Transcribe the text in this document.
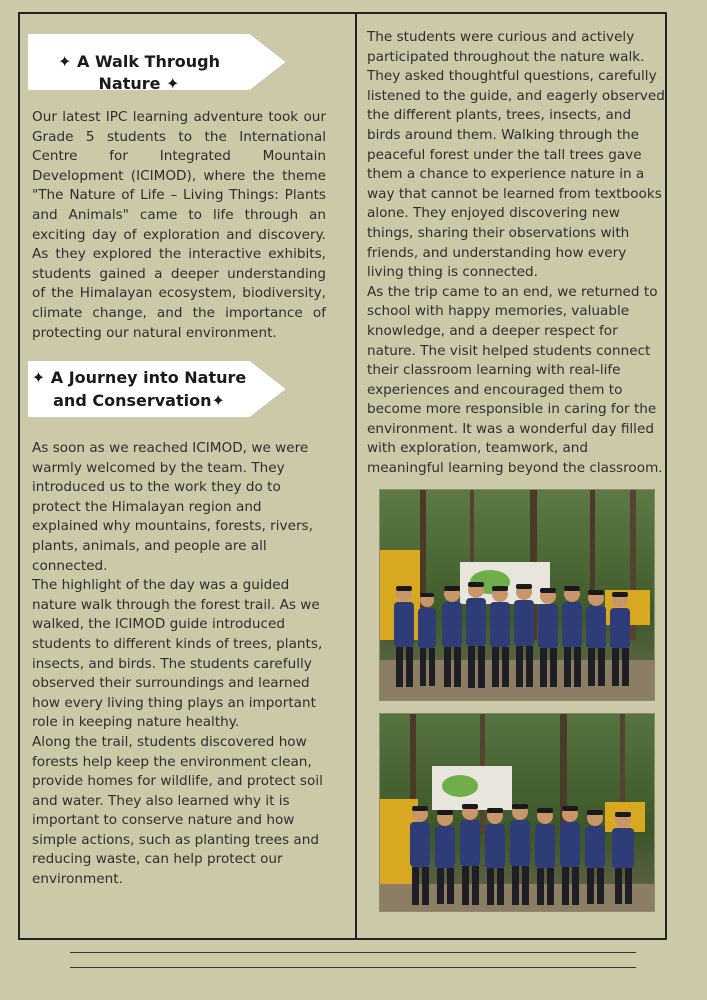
✦ A Walk Through Nature ✦
Our latest IPC learning adventure took our Grade 5 students to the International Centre for Integrated Mountain Development (ICIMOD), where the theme "The Nature of Life – Living Things: Plants and Animals" came to life through an exciting day of exploration and discovery. As they explored the interactive exhibits, students gained a deeper understanding of the Himalayan ecosystem, biodiversity, climate change, and the importance of protecting our natural environment.
✦ A Journey into Nature
and Conservation✦

As soon as we reached ICIMOD, we were warmly welcomed by the team. They introduced us to the work they do to protect the Himalayan region and explained why mountains, forests, rivers, plants, animals, and people are all connected.

The highlight of the day was a guided nature walk through the forest trail. As we walked, the ICIMOD guide introduced students to different kinds of trees, plants, insects, and birds. The students carefully observed their surroundings and learned how every living thing plays an important role in keeping nature healthy.

Along the trail, students discovered how forests help keep the environment clean, provide homes for wildlife, and protect soil and water. They also learned why it is important to conserve nature and how simple actions, such as planting trees and reducing waste, can help protect our environment.

The students were curious and actively participated throughout the nature walk. They asked thoughtful questions, carefully listened to the guide, and eagerly observed the different plants, trees, insects, and birds around them. Walking through the peaceful forest under the tall trees gave them a chance to experience nature in a way that cannot be learned from textbooks alone. They enjoyed discovering new things, sharing their observations with friends, and understanding how every living thing is connected.

As the trip came to an end, we returned to school with happy memories, valuable knowledge, and a deeper respect for nature. The visit helped students connect their classroom learning with real-life experiences and encouraged them to become more responsible in caring for the environment. It was a wonderful day filled with exploration, teamwork, and meaningful learning beyond the classroom.
